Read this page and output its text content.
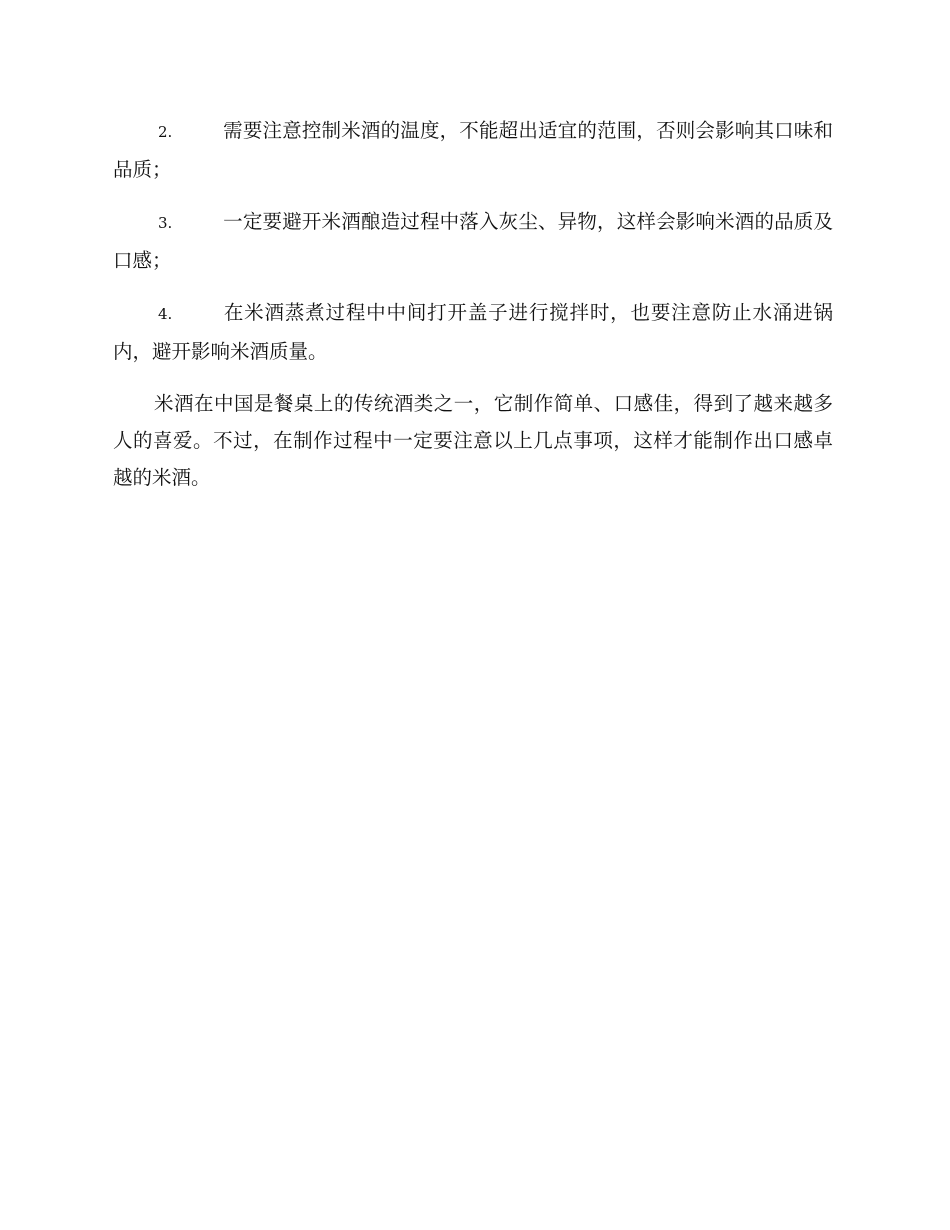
2.	需要注意控制米酒的温度，不能超出适宜的范围，否则会影响其口味和品质；
3.	一定要避开米酒酿造过程中落入灰尘、异物，这样会影响米酒的品质及口感；
4.	在米酒蒸煮过程中中间打开盖子进行搅拌时，也要注意防止水涌进锅内，避开影响米酒质量。

米酒在中国是餐桌上的传统酒类之一，它制作简单、口感佳，得到了越来越多人的喜爱。不过，在制作过程中一定要注意以上几点事项，这样才能制作出口感卓越的米酒。
